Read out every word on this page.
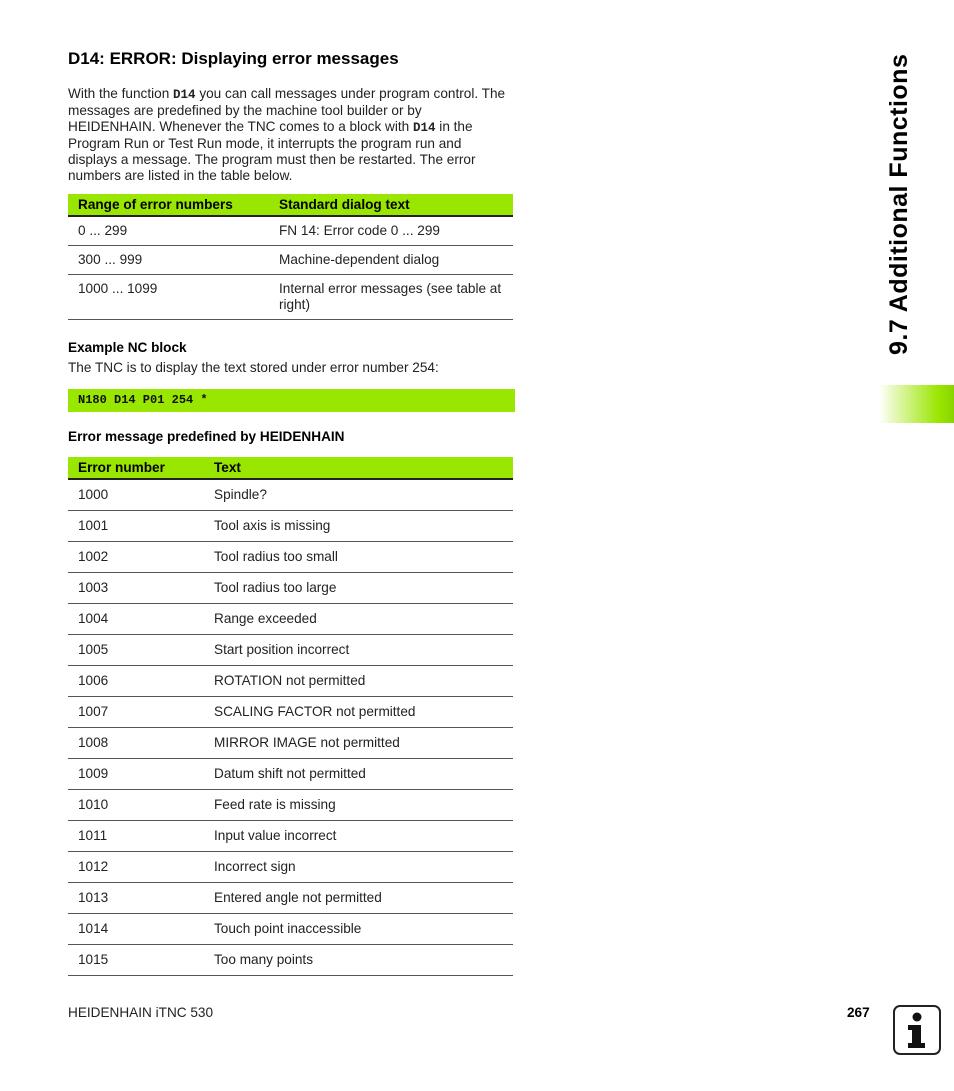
D14: ERROR: Displaying error messages
With the function D14 you can call messages under program control. The messages are predefined by the machine tool builder or by HEIDENHAIN. Whenever the TNC comes to a block with D14 in the Program Run or Test Run mode, it interrupts the program run and displays a message. The program must then be restarted. The error numbers are listed in the table below.
Range of error numbers	Standard dialog text
0 ... 299	FN 14: Error code 0 ... 299
300 ... 999	Machine-dependent dialog
1000 ... 1099	Internal error messages (see table at right)
Example NC block
The TNC is to display the text stored under error number 254:
N180 D14 P01 254 *
Error message predefined by HEIDENHAIN
Error number	Text
1000	Spindle?
1001	Tool axis is missing
1002	Tool radius too small
1003	Tool radius too large
1004	Range exceeded
1005	Start position incorrect
1006	ROTATION not permitted
1007	SCALING FACTOR not permitted
1008	MIRROR IMAGE not permitted
1009	Datum shift not permitted
1010	Feed rate is missing
1011	Input value incorrect
1012	Incorrect sign
1013	Entered angle not permitted
1014	Touch point inaccessible
1015	Too many points
9.7 Additional Functions
HEIDENHAIN iTNC 530	267
